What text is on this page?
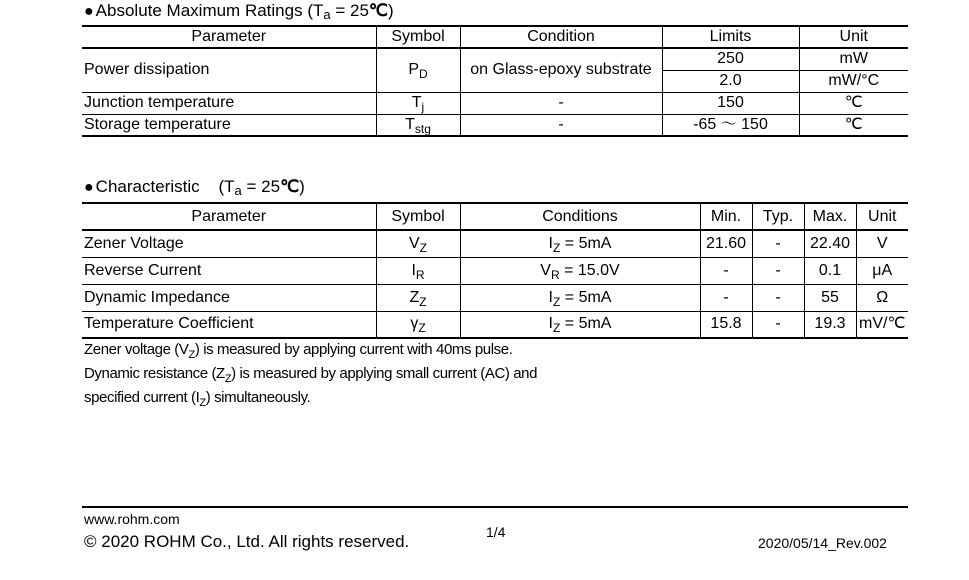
● Absolute Maximum Ratings ($T_a$ = 25℃)
Parameter	Symbol	Condition	Limits	Unit
Power dissipation	$P_D$	on Glass-epoxy substrate	250	mW
			2.0	mW/°C
Junction temperature	$T_j$	-	150	℃
Storage temperature	$T_{stg}$	-	-65 ～ 150	℃
● Characteristic ($T_a$ = 25℃)
Parameter	Symbol	Conditions	Min.	Typ.	Max.	Unit
Zener Voltage	$V_Z$	$I_Z = 5mA$	21.60	-	22.40	V
Reverse Current	$I_R$	$V_R = 15.0V$	-	-	0.1	μA
Dynamic Impedance	$Z_Z$	$I_Z = 5mA$	-	-	55	Ω
Temperature Coefficient	$\gamma_Z$	$I_Z = 5mA$	15.8	-	19.3	mV/℃
Zener voltage $(V_Z)$ is measured by applying current with 40ms pulse.
Dynamic resistance $(Z_Z)$ is measured by applying small current (AC) and
specified current $(I_Z)$ simultaneously.
www.rohm.com
© 2020 ROHM Co., Ltd. All rights reserved.	1/4
2020/05/14_Rev.002
